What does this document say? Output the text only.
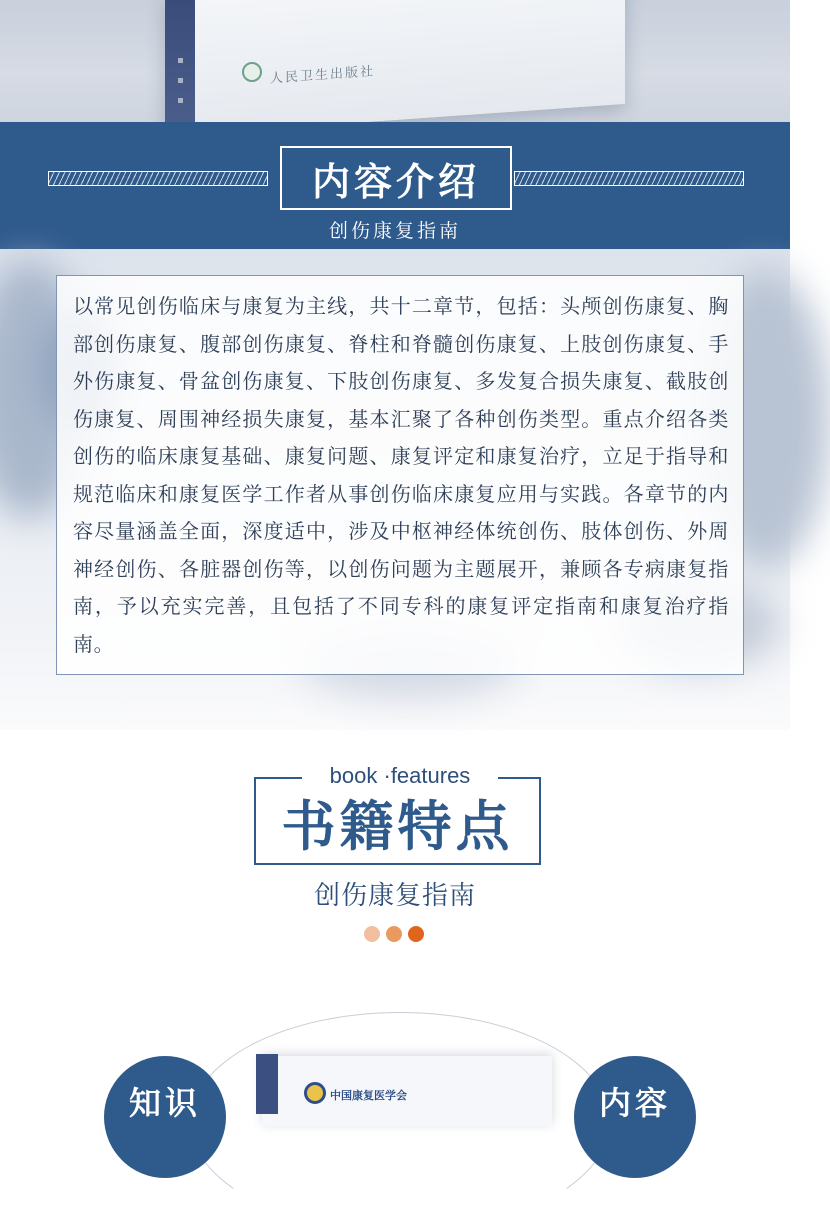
人民卫生出版社
内容介绍
创伤康复指南

以常见创伤临床与康复为主线，共十二章节，包括：头颅创伤康复、胸部创伤康复、腹部创伤康复、脊柱和脊髓创伤康复、上肢创伤康复、手外伤康复、骨盆创伤康复、下肢创伤康复、多发复合损失康复、截肢创伤康复、周围神经损失康复，基本汇聚了各种创伤类型。重点介绍各类创伤的临床康复基础、康复问题、康复评定和康复治疗，立足于指导和规范临床和康复医学工作者从事创伤临床康复应用与实践。各章节的内容尽量涵盖全面，深度适中，涉及中枢神经体统创伤、肢体创伤、外周神经创伤、各脏器创伤等，以创伤问题为主题展开，兼顾各专病康复指南，予以充实完善，且包括了不同专科的康复评定指南和康复治疗指南。

book ·features
书籍特点
创伤康复指南
中国康复医学会
知识	内容
